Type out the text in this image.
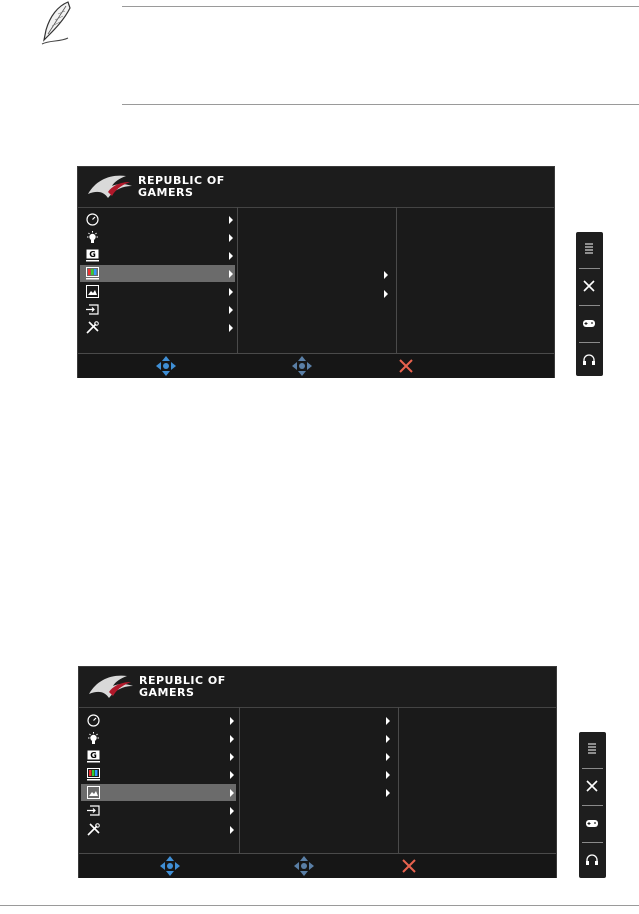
REPUBLIC OF
GAMERS
G
REPUBLIC OF
GAMERS
G
